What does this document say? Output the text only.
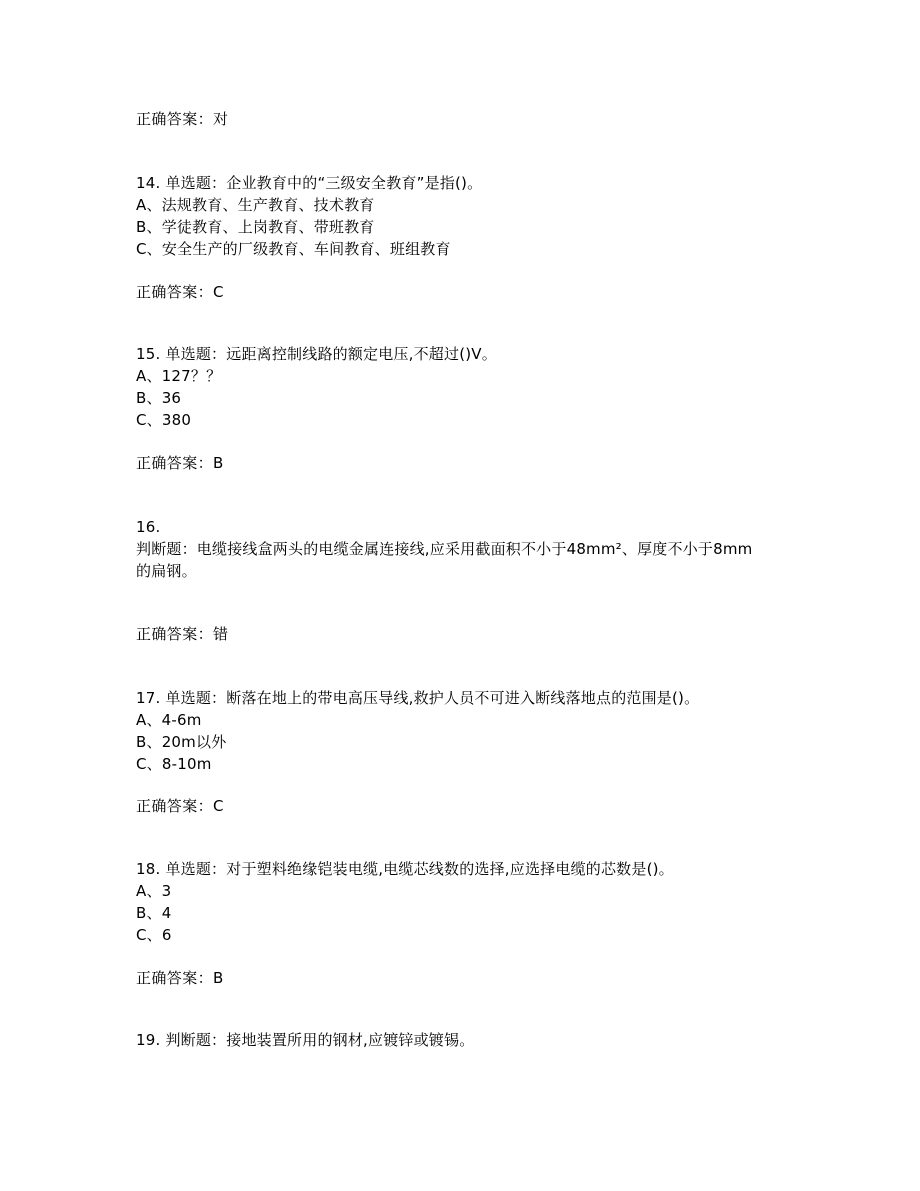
正确答案：对
14. 单选题：企业教育中的“三级安全教育”是指()。
A、法规教育、生产教育、技术教育
B、学徒教育、上岗教育、带班教育
C、安全生产的厂级教育、车间教育、班组教育
正确答案：C
15. 单选题：远距离控制线路的额定电压,不超过()V。
A、127？？
B、36
C、380
正确答案：B
16.
判断题：电缆接线盒两头的电缆金属连接线,应采用截面积不小于48mm²、厚度不小于8mm
的扁钢。
正确答案：错
17. 单选题：断落在地上的带电高压导线,救护人员不可进入断线落地点的范围是()。
A、4-6m
B、20m以外
C、8-10m
正确答案：C
18. 单选题：对于塑料绝缘铠装电缆,电缆芯线数的选择,应选择电缆的芯数是()。
A、3
B、4
C、6
正确答案：B
19. 判断题：接地装置所用的钢材,应镀锌或镀锡。
